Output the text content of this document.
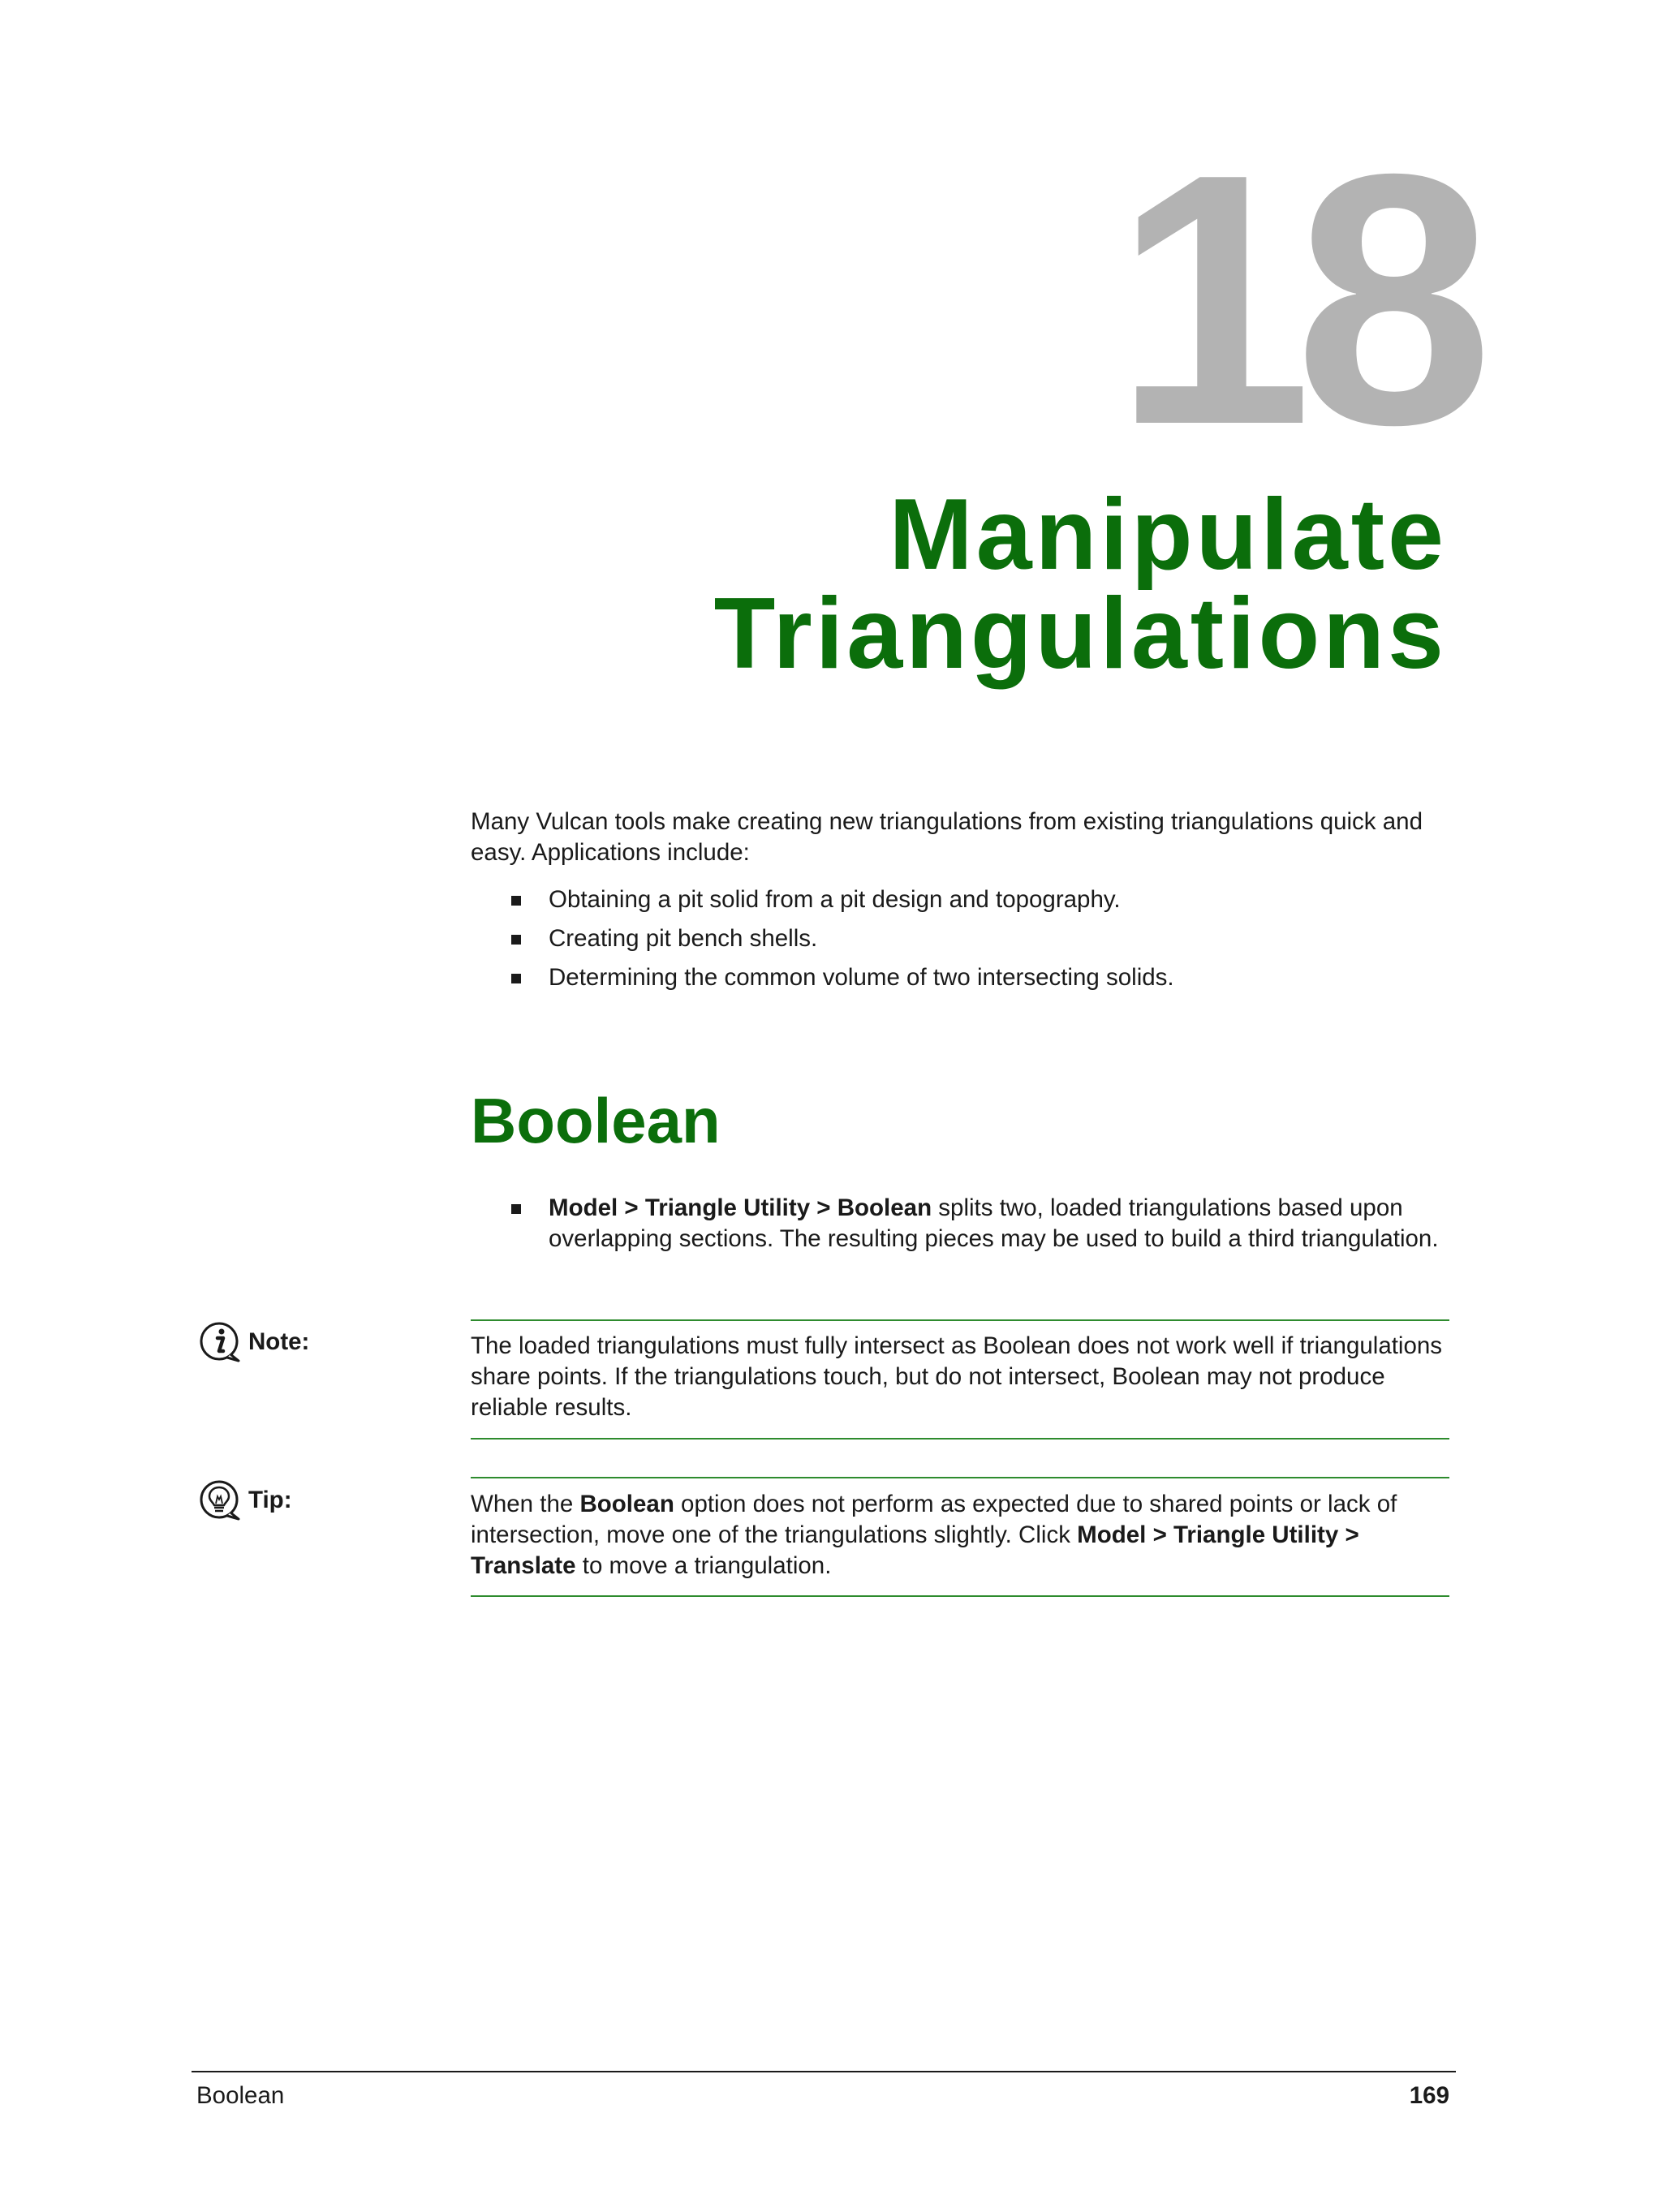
18
Manipulate
Triangulations

Many Vulcan tools make creating new triangulations from existing triangulations quick and easy. Applications include:

Obtaining a pit solid from a pit design and topography.
Creating pit bench shells.
Determining the common volume of two intersecting solids.
Boolean
Model > Triangle Utility > Boolean splits two, loaded triangulations based upon overlapping sections. The resulting pieces may be used to build a third triangulation.
Note:	The loaded triangulations must fully intersect as Boolean does not work well if triangulations share points. If the triangulations touch, but do not intersect, Boolean may not produce reliable results.

Tip:	When the Boolean option does not perform as expected due to shared points or lack of intersection, move one of the triangulations slightly. Click Model > Triangle Utility > Translate to move a triangulation.

Boolean	169
